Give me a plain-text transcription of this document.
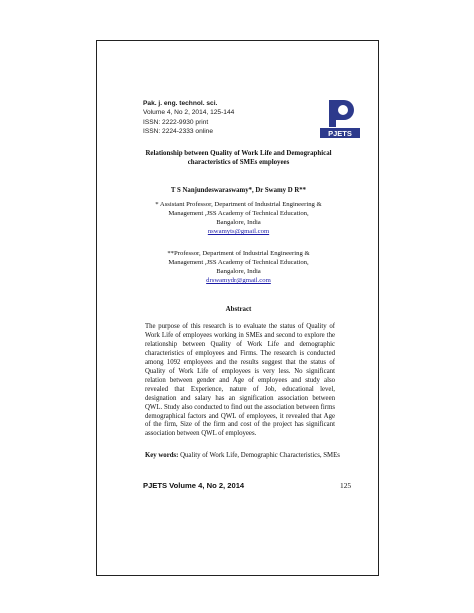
Pak. j. eng. technol. sci.
Volume 4, No 2, 2014, 125-144
ISSN: 2222-9930 print
ISSN: 2224-2333 online	PJETS
Relationship between Quality of Work Life and Demographical
characteristics of SMEs employees
T S Nanjundeswaraswamy*, Dr Swamy D R**
* Assistant Professor, Department of Industrial Engineering &
Management ,JSS Academy of Technical Education,
Bangalore, India
nswamyts@gmail.com
**Professor, Department of Industrial Engineering &
Management ,JSS Academy of Technical Education,
Bangalore, India
drswamydr@gmail.com
Abstract
The purpose of this research is to evaluate the status of Quality of Work Life of employees working in SMEs and second to explore the relationship between Quality of Work Life and demographic characteristics of employees and Firms. The research is conducted among 1092 employees and the results suggest that the status of Quality of Work Life of employees is very less. No significant relation between gender and Age of employees and study also revealed that Experience, nature of Job, educational level, designation and salary has an signification association between QWL. Study also conducted to find out the association between firms demographical factors and QWL of employees, it revealed that Age of the firm, Size of the firm and cost of the project has significant association between QWL of employees.
Key words: Quality of Work Life, Demographic Characteristics, SMEs
PJETS Volume 4, No 2, 2014	125
